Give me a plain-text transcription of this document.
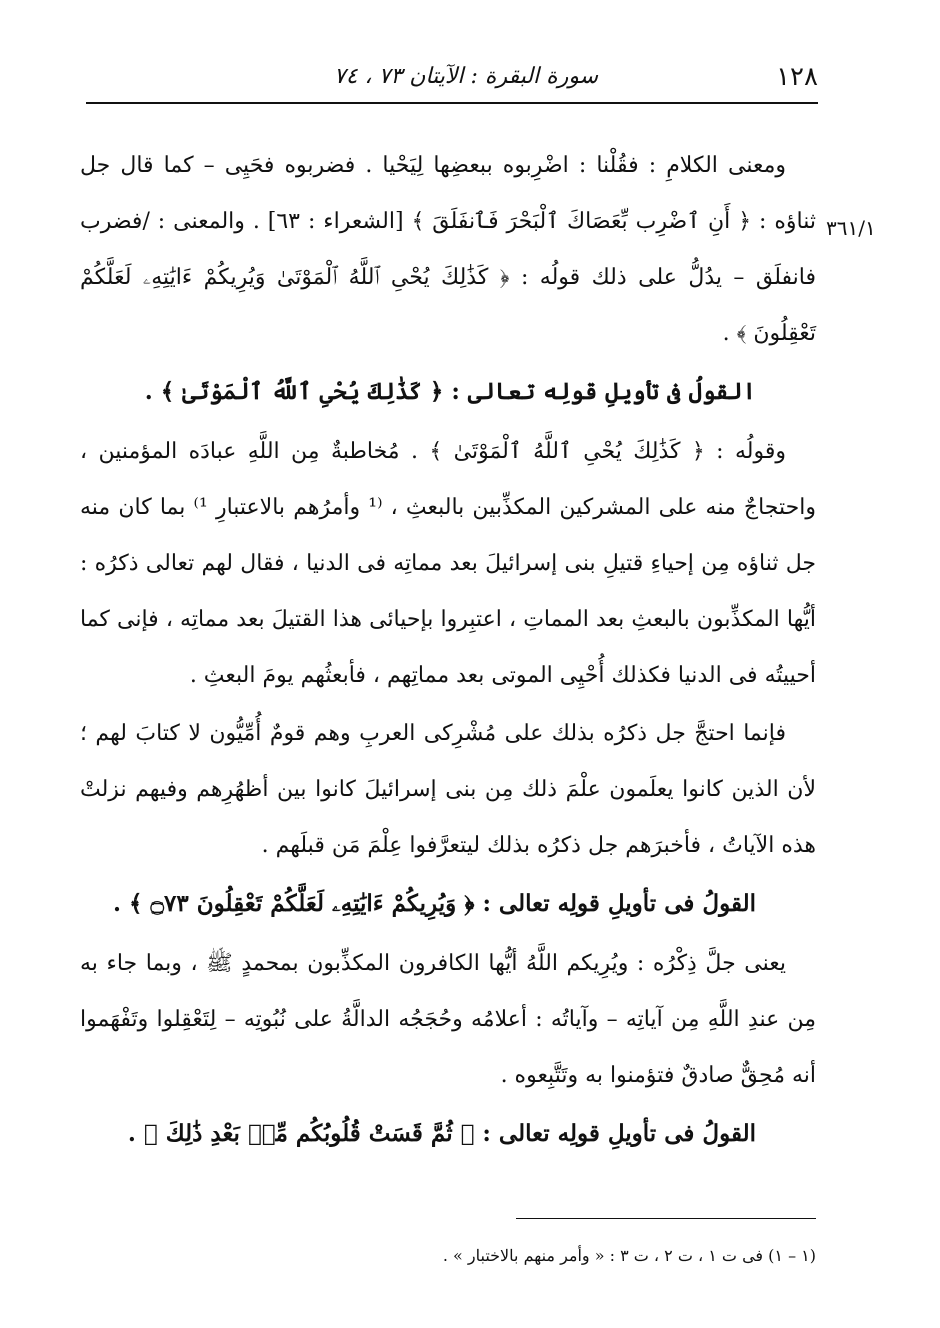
١٢٨
سورة البقرة : الآيتان ٧٣ ، ٧٤
٣٦١/١

ومعنى الكلامِ : فقُلْنا : اضْرِبوه ببعضِها لِيَحْيا . فضربوه فحَيِى – كما قال جل ثناؤه : ﴿ أَنِ ٱضْرِب بِّعَصَاكَ ٱلْبَحْرَ فَٱنفَلَقَ ﴾ [الشعراء : ٦٣] . والمعنى : /فضرب فانفلَق – يدُلُّ على ذلك قولُه : ﴿ كَذَٰلِكَ يُحْىِ ٱللَّهُ ٱلْمَوْتَىٰ وَيُرِيكُمْ ءَايَٰتِهِۦ لَعَلَّكُمْ تَعْقِلُونَ ﴾ .

القولُ فى تأويلِ قولِه تعالى : ﴿ كَذَٰلِكَ يُحْىِ ٱللَّهُ ٱلْمَوْتَىٰ ﴾ .

وقولُه : ﴿ كَذَٰلِكَ يُحْىِ ٱللَّهُ ٱلْمَوْتَىٰ ﴾ . مُخاطبةٌ مِن اللَّهِ عبادَه المؤمنين ، واحتجاجٌ منه على المشركين المكذِّبين بالبعثِ ، ⁽¹ وأمرُهم بالاعتبارِ ¹⁾ بما كان منه جل ثناؤه مِن إحياءِ قتيلِ بنى إسرائيلَ بعد مماتِه فى الدنيا ، فقال لهم تعالى ذكرُه : أيُّها المكذِّبون بالبعثِ بعد المماتِ ، اعتبِروا بإحيائى هذا القتيلَ بعد مماتِه ، فإنى كما أحييتُه فى الدنيا فكذلك أُحْيِى الموتى بعد مماتِهم ، فأبعثُهم يومَ البعثِ .

فإنما احتجَّ جل ذكرُه بذلك على مُشْرِكى العربِ وهم قومٌ أُمِّيُّون لا كتابَ لهم ؛ لأن الذين كانوا يعلَمون علْمَ ذلك مِن بنى إسرائيلَ كانوا بين أظهُرِهم وفيهم نزلتْ هذه الآياتُ ، فأخبرَهم جل ذكرُه بذلك ليتعرَّفوا عِلْمَ مَن قبلَهم .

القولُ فى تأويلِ قولِه تعالى : ﴿ وَيُرِيكُمْ ءَايَٰتِهِۦ لَعَلَّكُمْ تَعْقِلُونَ ۝٧٣ ﴾ .

يعنى جلَّ ذِكْرُه : ويُرِيكم اللَّهُ أيُّها الكافرون المكذِّبون بمحمدٍ ﷺ ، وبما جاء به مِن عندِ اللَّهِ مِن آياتِه – وآياتُه : أعلامُه وحُجَجُه الدالَّةُ على نُبُوتِه – لِتَعْقِلوا وتَفْهَموا أنه مُحِقٌّ صادقٌ فتؤمنوا به وتَتَّبِعوه .

القولُ فى تأويلِ قولِه تعالى : ﴿ ثُمَّ قَسَتْ قُلُوبُكُم مِّنۢ بَعْدِ ذَٰلِكَ ﴾ .

(١ – ١) فى ت ١ ، ت ٢ ، ت ٣ : « وأمر منهم بالاختبار » .
